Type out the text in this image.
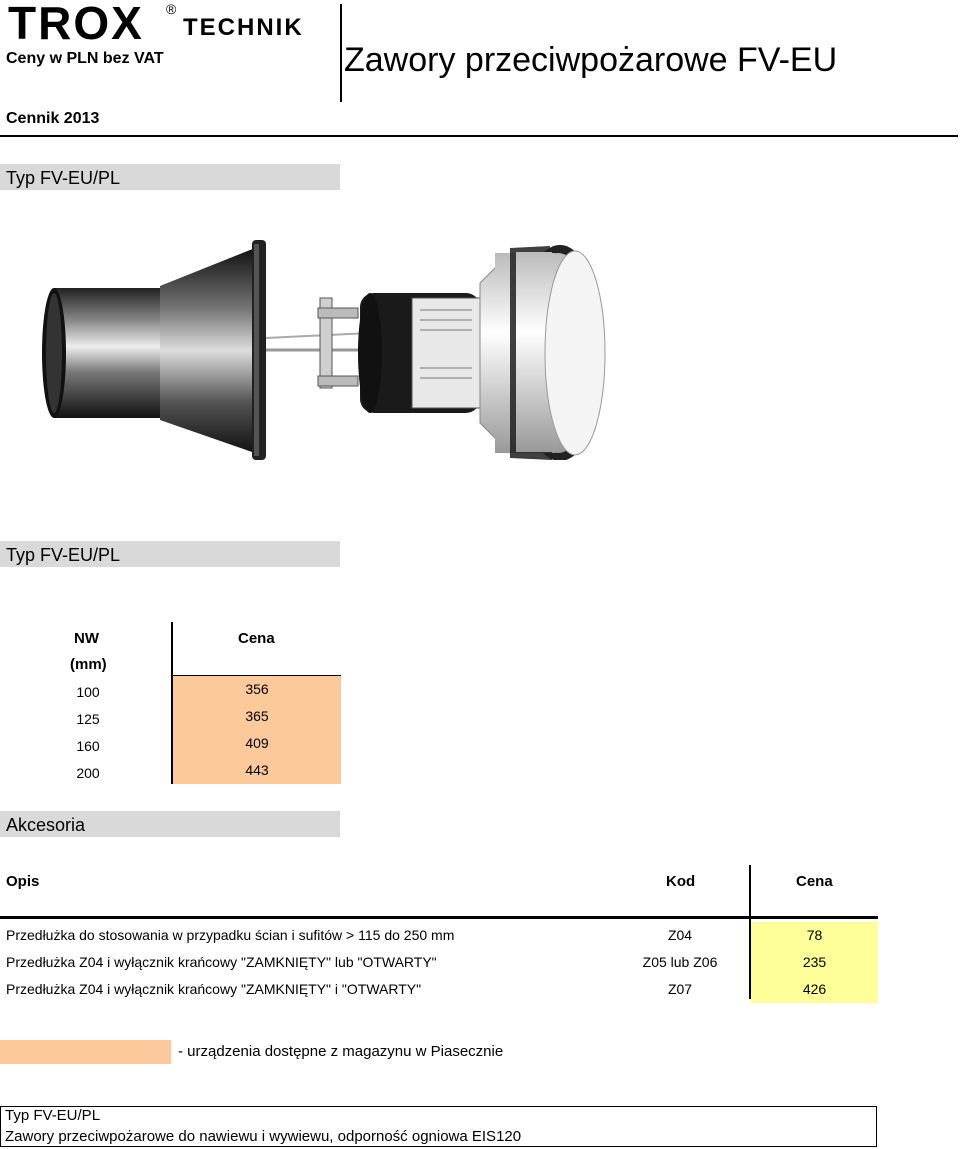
TROX ®
TECHNIK
Ceny w PLN bez VAT	Zawory przeciwpożarowe FV-EU
Cennik 2013
Typ FV-EU/PL
Typ FV-EU/PL
NW
(mm)
Cena
100	356
125	365
160	409
200	443
Akcesoria
Opis	Kod	Cena
Przedłużka do stosowania w przypadku ścian i sufitów > 115 do 250 mm	Z04	78
Przedłużka Z04 i wyłącznik krańcowy "ZAMKNIĘTY" lub "OTWARTY"	Z05 lub Z06	235
Przedłużka Z04 i wyłącznik krańcowy "ZAMKNIĘTY" i "OTWARTY"	Z07	426
- urządzenia dostępne z magazynu w Piasecznie
Typ FV-EU/PL
Zawory przeciwpożarowe do nawiewu i wywiewu, odporność ogniowa EIS120
